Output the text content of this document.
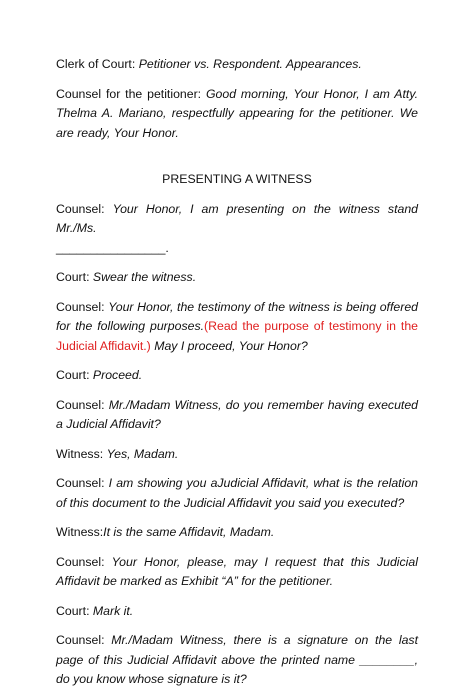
Clerk of Court: Petitioner vs. Respondent. Appearances.

Counsel for the petitioner: Good morning, Your Honor, I am Atty. Thelma A. Mariano, respectfully appearing for the petitioner. We are ready, Your Honor.

PRESENTING A WITNESS

Counsel: Your Honor, I am presenting on the witness stand Mr./Ms.
________________.

Court: Swear the witness.

Counsel: Your Honor, the testimony of the witness is being offered for the following purposes.(Read the purpose of testimony in the Judicial Affidavit.) May I proceed, Your Honor?

Court: Proceed.

Counsel: Mr./Madam Witness, do you remember having executed a Judicial Affidavit?

Witness: Yes, Madam.

Counsel: I am showing you aJudicial Affidavit, what is the relation of this document to the Judicial Affidavit you said you executed?

Witness:It is the same Affidavit, Madam.

Counsel: Your Honor, please, may I request that this Judicial Affidavit be marked as Exhibit “A” for the petitioner.

Court: Mark it.

Counsel: Mr./Madam Witness, there is a signature on the last page of this Judicial Affidavit above the printed name ________, do you know whose signature is it?
